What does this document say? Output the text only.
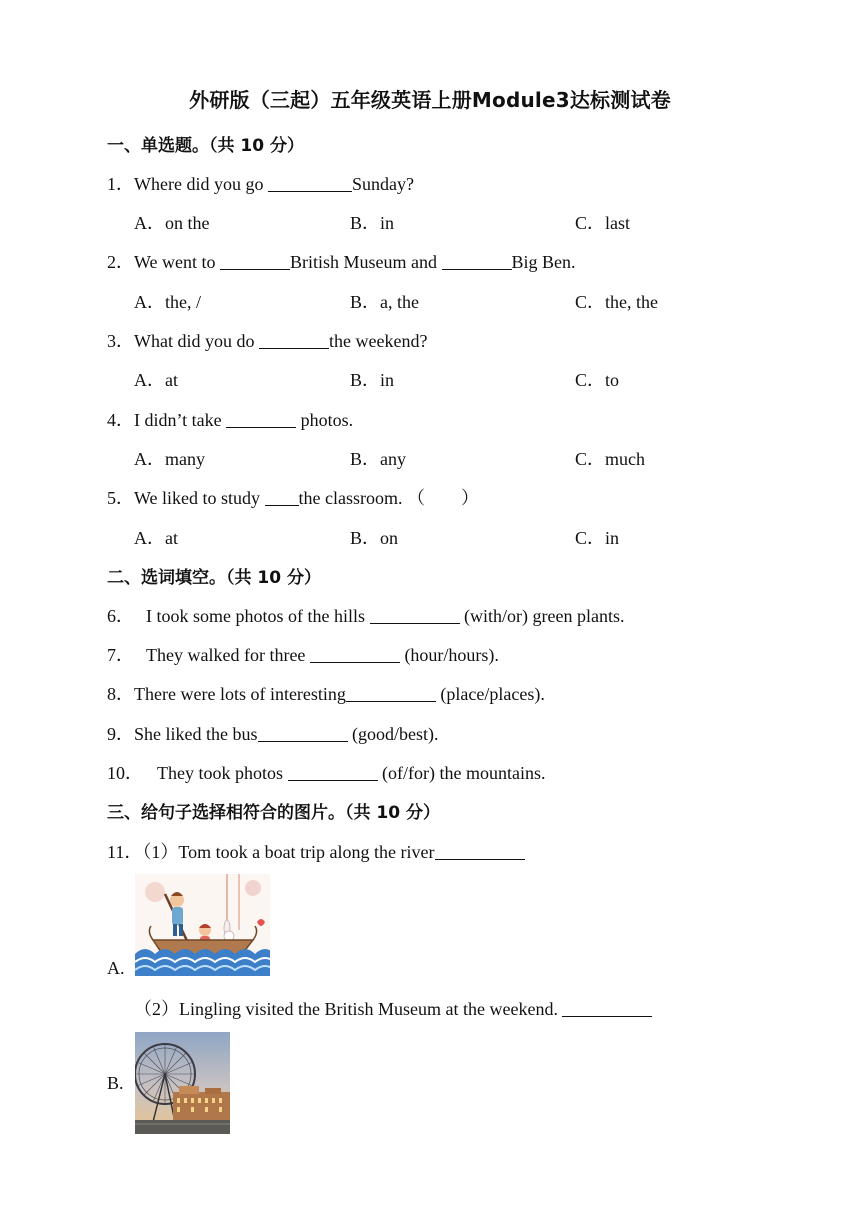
外研版（三起）五年级英语上册Module3达标测试卷
一、单选题。（共 10 分）
1．Where did you go	Sunday?
A．on the	B．in	C．last
2．We went to	British Museum and	Big Ben.
A．the, /	B．a, the	C．the, the
3．What did you do	the weekend?
A．at	B．in	C．to
4．I didn’t take	photos.
A．many	B．any	C．much
5．We liked to study the classroom. （　　）
A．at	B．on	C．in
二、选词填空。（共 10 分）
6． I took some photos of the hills	(with/or) green plants.
7． They walked for three	(hour/hours).
8．There were lots of interesting	(place/places).
9．She liked the bus	(good/best).
10． They took photos	(of/for) the mountains.
三、给句子选择相符合的图片。（共 10 分）
11．（1）Tom took a boat trip along the river
A.
（2）Lingling visited the British Museum at the weekend.
B.
